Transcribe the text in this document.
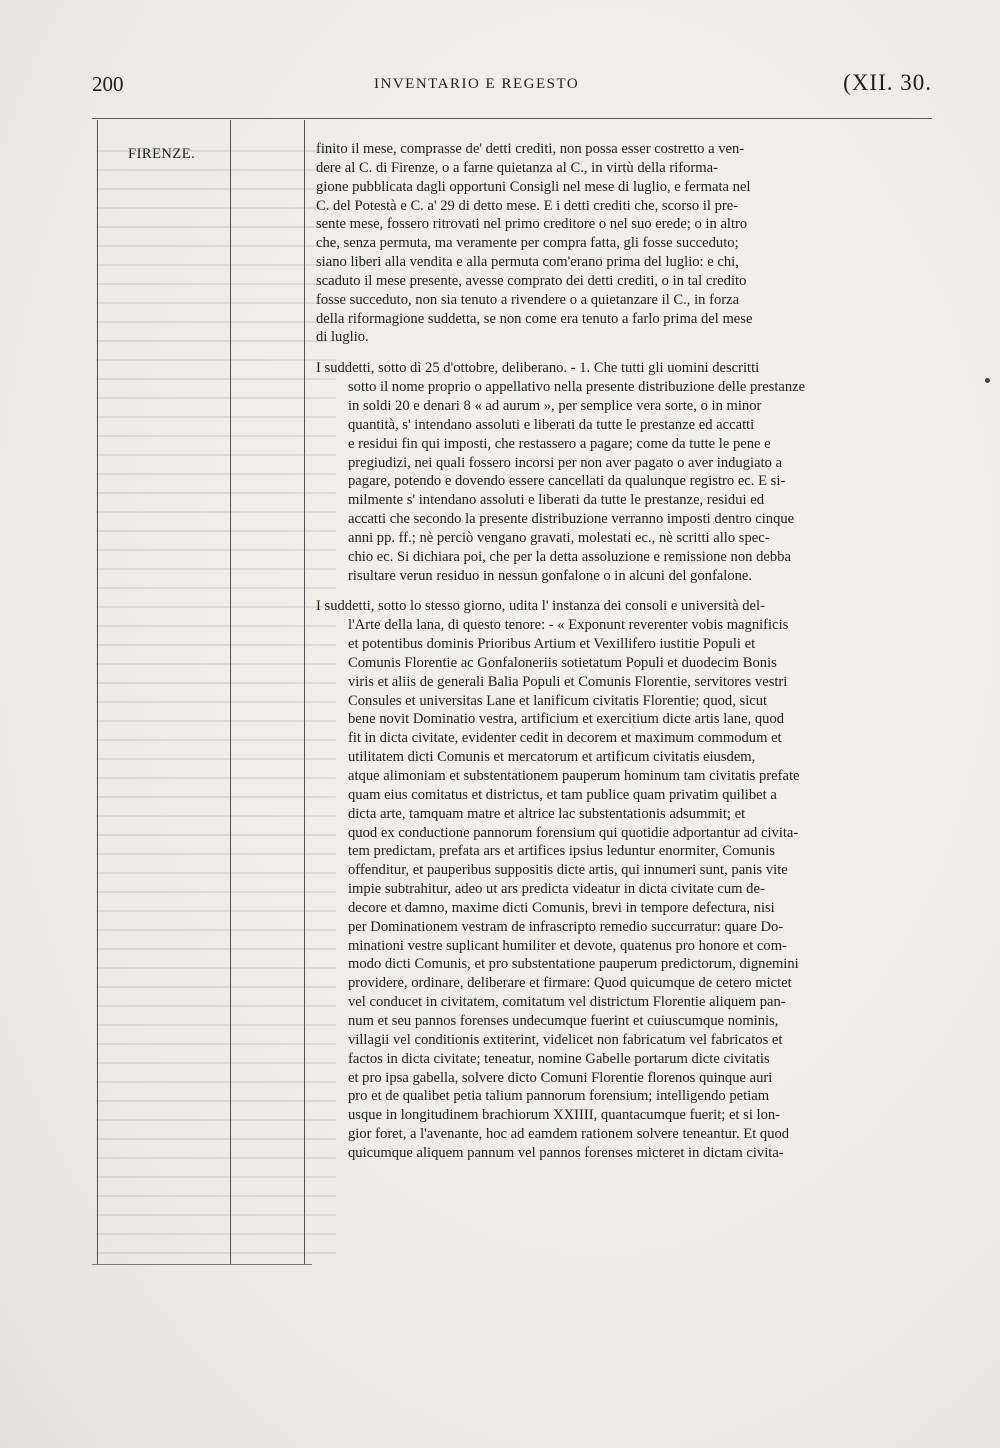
200	INVENTARIO E REGESTO	(XII. 30.
FIRENZE.	finito il mese, comprasse de' detti crediti, non possa esser costretto a ven-
dere al C. di Firenze, o a farne quietanza al C., in virtù della riforma-
gione pubblicata dagli opportuni Consigli nel mese di luglio, e fermata nel
C. del Potestà e C. a' 29 di detto mese. E i detti crediti che, scorso il pre-
sente mese, fossero ritrovati nel primo creditore o nel suo erede; o in altro
che, senza permuta, ma veramente per compra fatta, gli fosse succeduto;
siano liberi alla vendita e alla permuta com'erano prima del luglio: e chi,
scaduto il mese presente, avesse comprato dei detti crediti, o in tal credito
fosse succeduto, non sia tenuto a rivendere o a quietanzare il C., in forza
della riformagione suddetta, se non come era tenuto a farlo prima del mese
di luglio.
I suddetti, sotto dì 25 d'ottobre, deliberano. - 1. Che tutti gli uomini descritti
sotto il nome proprio o appellativo nella presente distribuzione delle prestanze
in soldi 20 e denari 8 « ad aurum », per semplice vera sorte, o in minor
quantità, s' intendano assoluti e liberati da tutte le prestanze ed accatti
e residui fin qui imposti, che restassero a pagare; come da tutte le pene e
pregiudizi, nei quali fossero incorsi per non aver pagato o aver indugiato a
pagare, potendo e dovendo essere cancellati da qualunque registro ec. E si-
milmente s' intendano assoluti e liberati da tutte le prestanze, residui ed
accatti che secondo la presente distribuzione verranno imposti dentro cinque
anni pp. ff.; nè perciò vengano gravati, molestati ec., nè scritti allo spec-
chio ec. Si dichiara poi, che per la detta assoluzione e remissione non debba
risultare verun residuo in nessun gonfalone o in alcuni del gonfalone.
I suddetti, sotto lo stesso giorno, udita l' instanza dei consoli e università del-
l'Arte della lana, di questo tenore: - « Exponunt reverenter vobis magnificis
et potentibus dominis Prioribus Artium et Vexillifero iustitie Populi et
Comunis Florentie ac Gonfaloneriis sotietatum Populi et duodecim Bonis
viris et aliis de generali Balia Populi et Comunis Florentie, servitores vestri
Consules et universitas Lane et lanificum civitatis Florentie; quod, sicut
bene novit Dominatio vestra, artificium et exercitium dicte artis lane, quod
fit in dicta civitate, evidenter cedit in decorem et maximum commodum et
utilitatem dicti Comunis et mercatorum et artificum civitatis eiusdem,
atque alimoniam et substentationem pauperum hominum tam civitatis prefate
quam eius comitatus et districtus, et tam publice quam privatim quilibet a
dicta arte, tamquam matre et altrice lac substentationis adsummit; et
quod ex conductione pannorum forensium qui quotidie adportantur ad civita-
tem predictam, prefata ars et artifices ipsius leduntur enormiter, Comunis
offenditur, et pauperibus suppositis dicte artis, qui innumeri sunt, panis vite
impie subtrahitur, adeo ut ars predicta videatur in dicta civitate cum de-
decore et damno, maxime dicti Comunis, brevi in tempore defectura, nisi
per Dominationem vestram de infrascripto remedio succurratur: quare Do-
minationi vestre suplicant humiliter et devote, quatenus pro honore et com-
modo dicti Comunis, et pro substentatione pauperum predictorum, dignemini
providere, ordinare, deliberare et firmare: Quod quicumque de cetero mictet
vel conducet in civitatem, comitatum vel districtum Florentie aliquem pan-
num et seu pannos forenses undecumque fuerint et cuiuscumque nominis,
villagii vel conditionis extiterint, videlicet non fabricatum vel fabricatos et
factos in dicta civitate; teneatur, nomine Gabelle portarum dicte civitatis
et pro ipsa gabella, solvere dicto Comuni Florentie florenos quinque auri
pro et de qualibet petia talium pannorum forensium; intelligendo petiam
usque in longitudinem brachiorum XXIIII, quantacumque fuerit; et si lon-
gior foret, a l'avenante, hoc ad eamdem rationem solvere teneantur. Et quod
quicumque aliquem pannum vel pannos forenses micteret in dictam civita-
